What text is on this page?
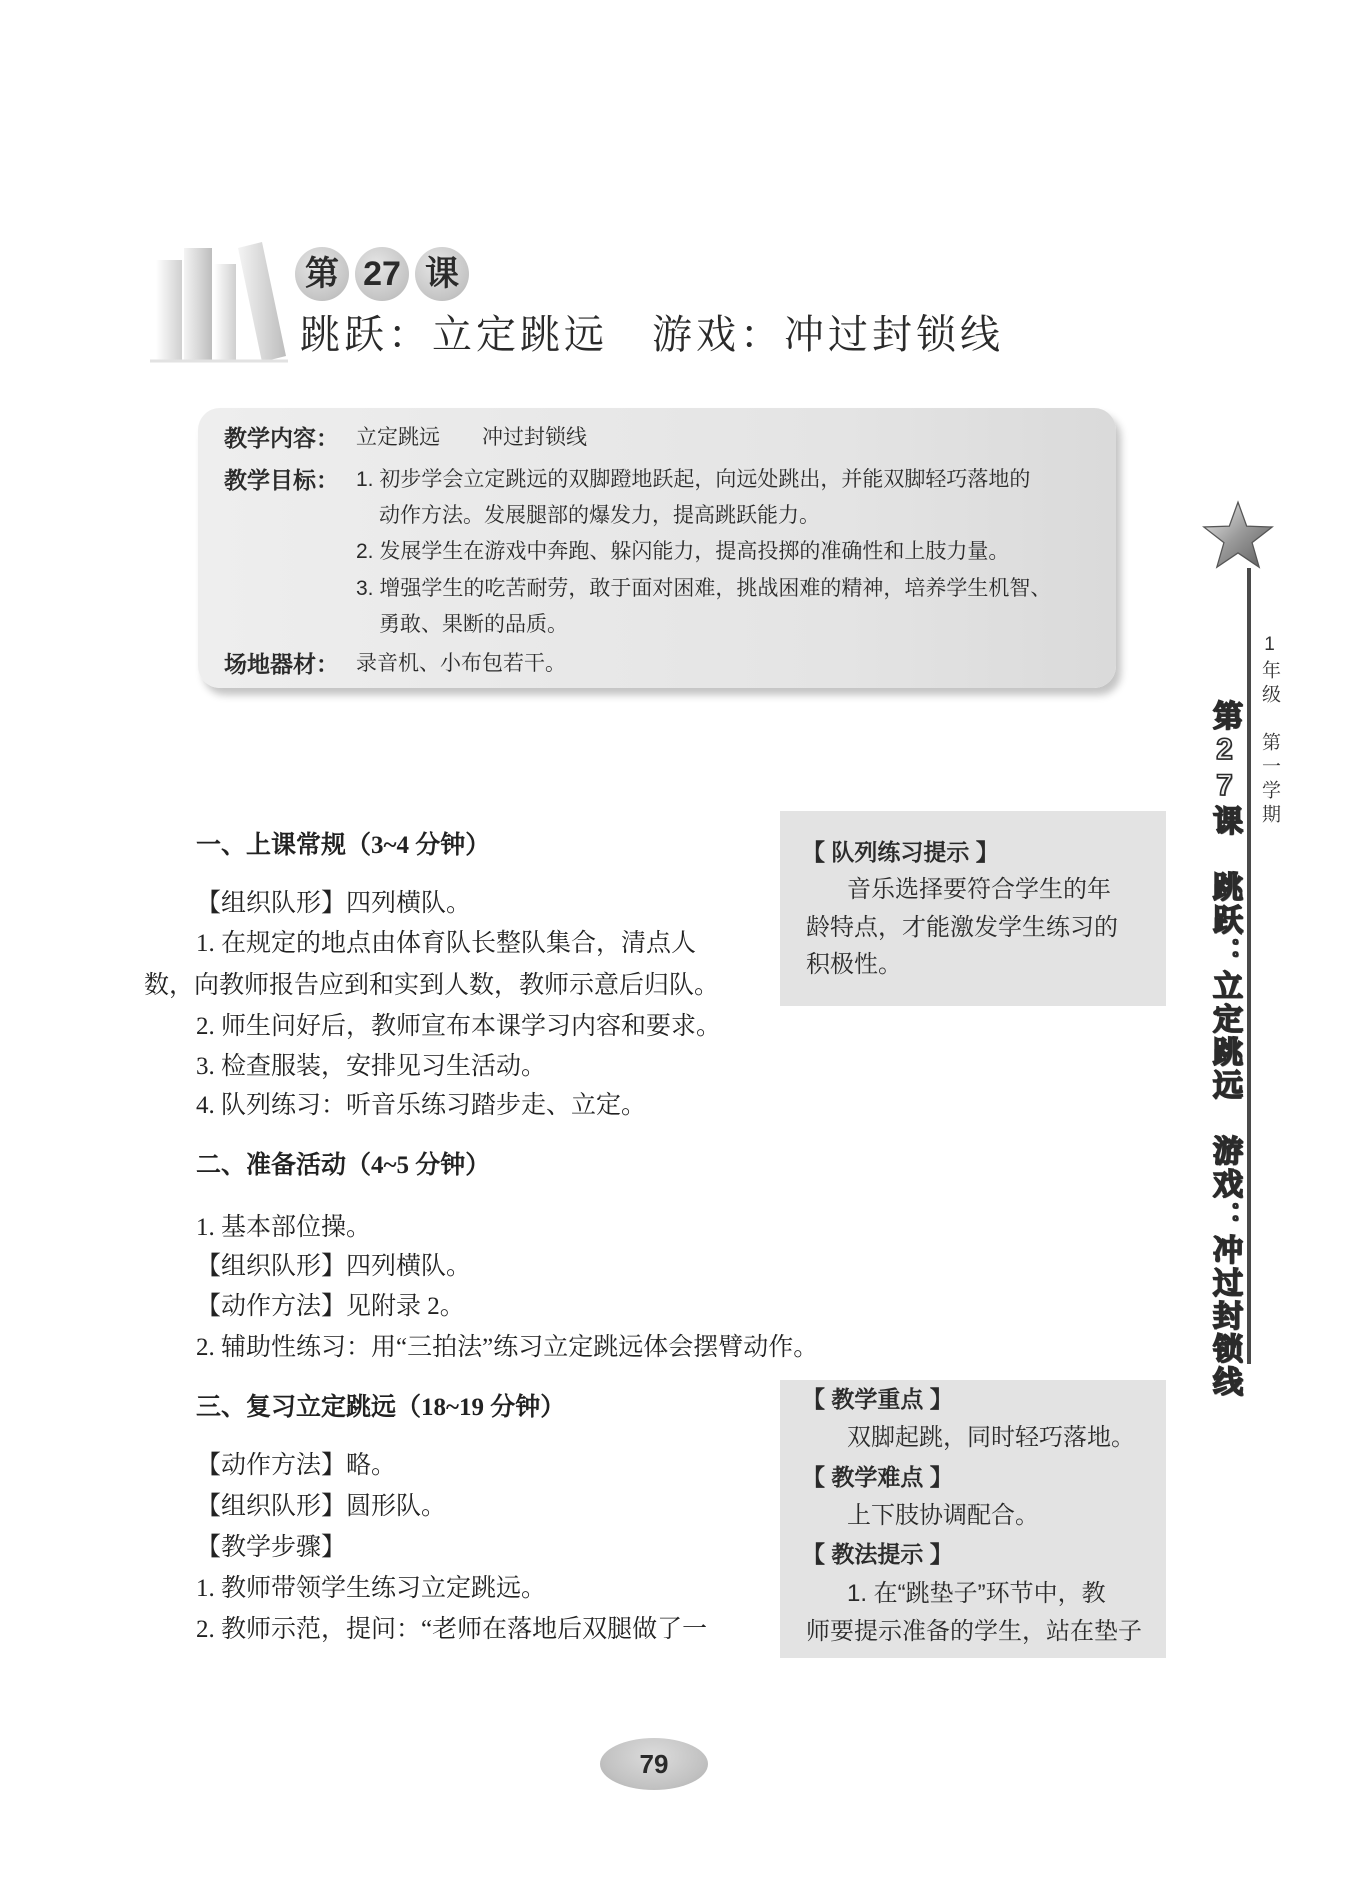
第 27 课
跳跃：立定跳远　游戏：冲过封锁线
教学内容： 立定跳远　　冲过封锁线
教学目标： 1. 初步学会立定跳远的双脚蹬地跃起，向远处跳出，并能双脚轻巧落地的
动作方法。发展腿部的爆发力，提高跳跃能力。
2. 发展学生在游戏中奔跑、躲闪能力，提高投掷的准确性和上肢力量。
3. 增强学生的吃苦耐劳，敢于面对困难，挑战困难的精神，培养学生机智、
勇敢、果断的品质。
场地器材： 录音机、小布包若干。	1年级　第一学期
第27课　跳跃：立定跳远　游戏：冲过封锁线
一、上课常规（3~4 分钟）
【组织队形】四列横队。
1. 在规定的地点由体育队长整队集合，清点人
数，向教师报告应到和实到人数，教师示意后归队。
2. 师生问好后，教师宣布本课学习内容和要求。
3. 检查服装，安排见习生活动。
4. 队列练习：听音乐练习踏步走、立定。
二、准备活动（4~5 分钟）
1. 基本部位操。
【组织队形】四列横队。
【动作方法】见附录 2。
2. 辅助性练习：用“三拍法”练习立定跳远体会摆臂动作。
三、复习立定跳远（18~19 分钟）
【动作方法】略。
【组织队形】圆形队。
【教学步骤】
1. 教师带领学生练习立定跳远。
2. 教师示范，提问：“老师在落地后双腿做了一
【 队列练习提示 】
音乐选择要符合学生的年
龄特点，才能激发学生练习的
积极性。
【 教学重点 】
双脚起跳，同时轻巧落地。
【 教学难点 】
上下肢协调配合。
【 教法提示 】
1. 在“跳垫子”环节中，教
师要提示准备的学生，站在垫子
79
